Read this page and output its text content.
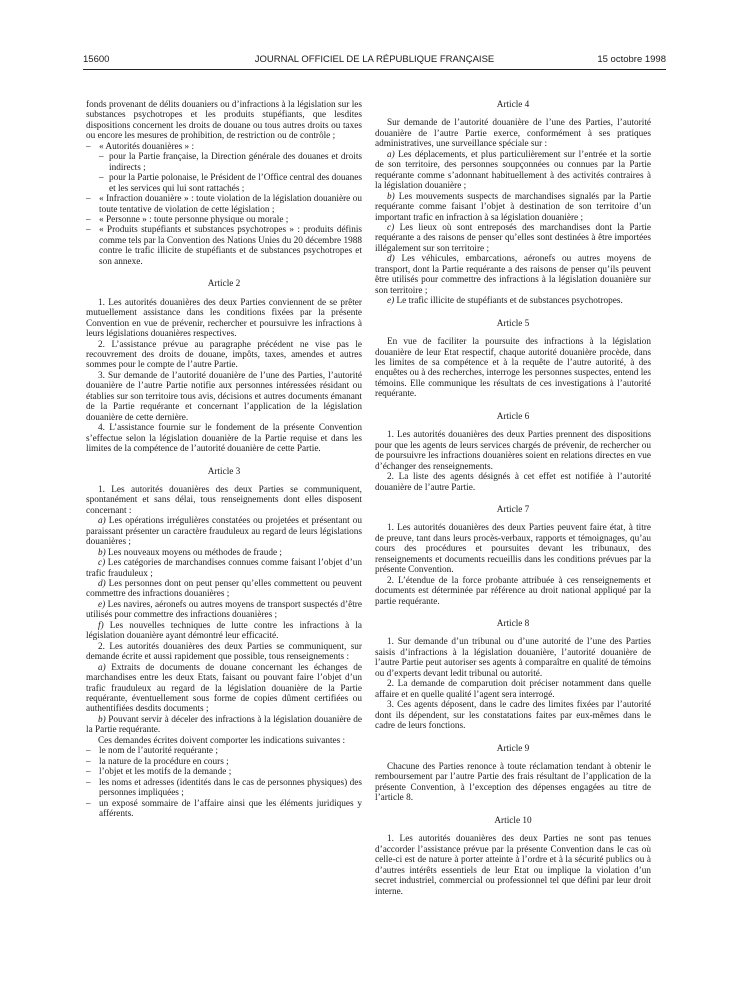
15600	JOURNAL OFFICIEL DE LA RÉPUBLIQUE FRANÇAISE	15 octobre 1998

fonds provenant de délits douaniers ou d’infractions à la législation sur les substances psychotropes et les produits stupéfiants, que lesdites dispositions concernent les droits de douane ou tous autres droits ou taxes ou encore les mesures de prohibition, de restriction ou de contrôle ;

– « Autorités douanières » :
– pour la Partie française, la Direction générale des douanes et droits indirects ;
– pour la Partie polonaise, le Président de l’Office central des douanes et les services qui lui sont rattachés ;
– « Infraction douanière » : toute violation de la législation douanière ou toute tentative de violation de cette législation ;
– « Personne » : toute personne physique ou morale ;
– « Produits stupéfiants et substances psychotropes » : produits définis comme tels par la Convention des Nations Unies du 20 décembre 1988 contre le trafic illicite de stupéfiants et de substances psychotropes et son annexe.

Article 2

1. Les autorités douanières des deux Parties conviennent de se prêter mutuellement assistance dans les conditions fixées par la présente Convention en vue de prévenir, rechercher et poursuivre les infractions à leurs législations douanières respectives.

2. L’assistance prévue au paragraphe précédent ne vise pas le recouvrement des droits de douane, impôts, taxes, amendes et autres sommes pour le compte de l’autre Partie.

3. Sur demande de l’autorité douanière de l’une des Parties, l’autorité douanière de l’autre Partie notifie aux personnes intéressées résidant ou établies sur son territoire tous avis, décisions et autres documents émanant de la Partie requérante et concernant l’application de la législation douanière de cette dernière.

4. L’assistance fournie sur le fondement de la présente Convention s’effectue selon la législation douanière de la Partie requise et dans les limites de la compétence de l’autorité douanière de cette Partie.

Article 3

1. Les autorités douanières des deux Parties se communiquent, spontanément et sans délai, tous renseignements dont elles disposent concernant :

a) Les opérations irrégulières constatées ou projetées et présentant ou paraissant présenter un caractère frauduleux au regard de leurs législations douanières ;

b) Les nouveaux moyens ou méthodes de fraude ;

c) Les catégories de marchandises connues comme faisant l’objet d’un trafic frauduleux ;

d) Les personnes dont on peut penser qu’elles commettent ou peuvent commettre des infractions douanières ;

e) Les navires, aéronefs ou autres moyens de transport suspectés d’être utilisés pour commettre des infractions douanières ;

f) Les nouvelles techniques de lutte contre les infractions à la législation douanière ayant démontré leur efficacité.

2. Les autorités douanières des deux Parties se communiquent, sur demande écrite et aussi rapidement que possible, tous renseignements :

a) Extraits de documents de douane concernant les échanges de marchandises entre les deux Etats, faisant ou pouvant faire l’objet d’un trafic frauduleux au regard de la législation douanière de la Partie requérante, éventuellement sous forme de copies dûment certifiées ou authentifiées desdits documents ;

b) Pouvant servir à déceler des infractions à la législation douanière de la Partie requérante.

Ces demandes écrites doivent comporter les indications suivantes :

– le nom de l’autorité requérante ;
– la nature de la procédure en cours ;
– l’objet et les motifs de la demande ;
– les noms et adresses (identités dans le cas de personnes physiques) des personnes impliquées ;
– un exposé sommaire de l’affaire ainsi que les éléments juridiques y afférents.

Article 4

Sur demande de l’autorité douanière de l’une des Parties, l’autorité douanière de l’autre Partie exerce, conformément à ses pratiques administratives, une surveillance spéciale sur :

a) Les déplacements, et plus particulièrement sur l’entrée et la sortie de son territoire, des personnes soupçonnées ou connues par la Partie requérante comme s’adonnant habituellement à des activités contraires à la législation douanière ;

b) Les mouvements suspects de marchandises signalés par la Partie requérante comme faisant l’objet à destination de son territoire d’un important trafic en infraction à sa législation douanière ;

c) Les lieux où sont entreposés des marchandises dont la Partie requérante a des raisons de penser qu’elles sont destinées à être importées illégalement sur son territoire ;

d) Les véhicules, embarcations, aéronefs ou autres moyens de transport, dont la Partie requérante a des raisons de penser qu’ils peuvent être utilisés pour commettre des infractions à la législation douanière sur son territoire ;

e) Le trafic illicite de stupéfiants et de substances psychotropes.

Article 5

En vue de faciliter la poursuite des infractions à la législation douanière de leur Etat respectif, chaque autorité douanière procède, dans les limites de sa compétence et à la requête de l’autre autorité, à des enquêtes ou à des recherches, interroge les personnes suspectes, entend les témoins. Elle communique les résultats de ces investigations à l’autorité requérante.

Article 6

1. Les autorités douanières des deux Parties prennent des dispositions pour que les agents de leurs services chargés de prévenir, de rechercher ou de poursuivre les infractions douanières soient en relations directes en vue d’échanger des renseignements.

2. La liste des agents désignés à cet effet est notifiée à l’autorité douanière de l’autre Partie.

Article 7

1. Les autorités douanières des deux Parties peuvent faire état, à titre de preuve, tant dans leurs procès-verbaux, rapports et témoignages, qu’au cours des procédures et poursuites devant les tribunaux, des renseignements et documents recueillis dans les conditions prévues par la présente Convention.

2. L’étendue de la force probante attribuée à ces renseignements et documents est déterminée par référence au droit national appliqué par la partie requérante.

Article 8

1. Sur demande d’un tribunal ou d’une autorité de l’une des Parties saisis d’infractions à la législation douanière, l’autorité douanière de l’autre Partie peut autoriser ses agents à comparaître en qualité de témoins ou d’experts devant ledit tribunal ou autorité.

2. La demande de comparution doit préciser notamment dans quelle affaire et en quelle qualité l’agent sera interrogé.

3. Ces agents déposent, dans le cadre des limites fixées par l’autorité dont ils dépendent, sur les constatations faites par eux-mêmes dans le cadre de leurs fonctions.

Article 9

Chacune des Parties renonce à toute réclamation tendant à obtenir le remboursement par l’autre Partie des frais résultant de l’application de la présente Convention, à l’exception des dépenses engagées au titre de l’article 8.

Article 10

1. Les autorités douanières des deux Parties ne sont pas tenues d’accorder l’assistance prévue par la présente Convention dans le cas où celle-ci est de nature à porter atteinte à l’ordre et à la sécurité publics ou à d’autres intérêts essentiels de leur Etat ou implique la violation d’un secret industriel, commercial ou professionnel tel que défini par leur droit interne.
